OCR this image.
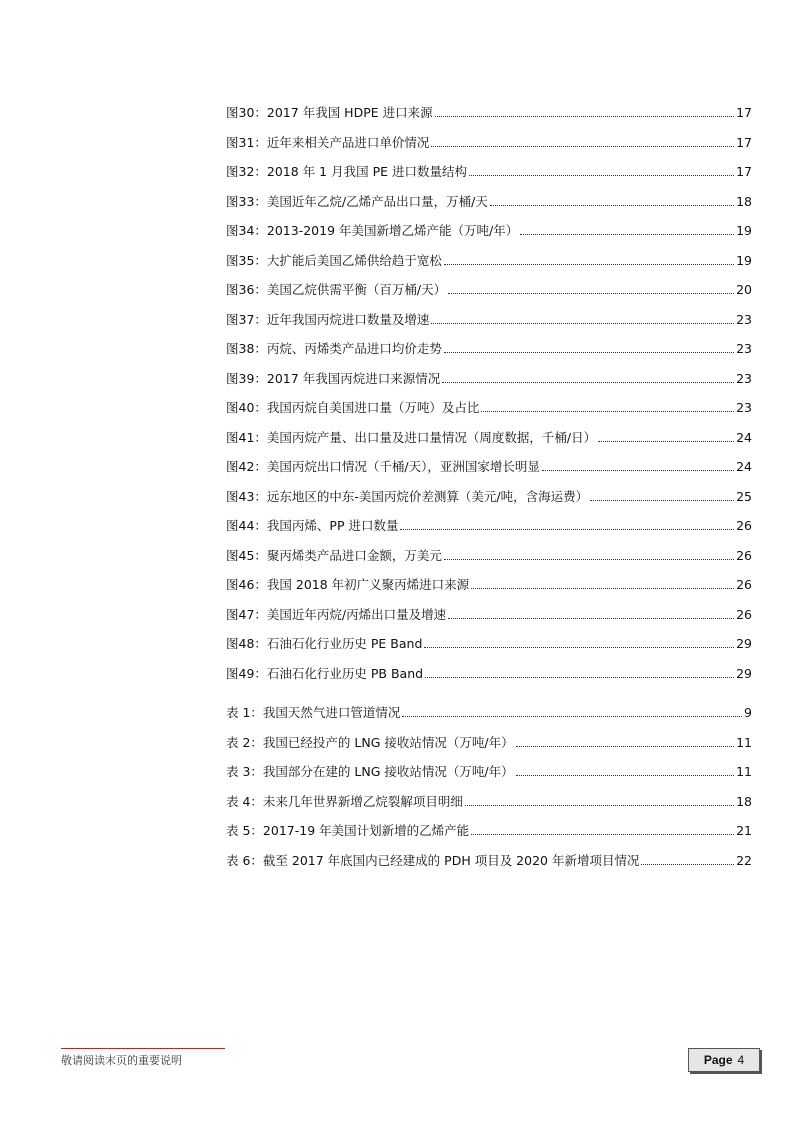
图30：2017 年我国 HDPE 进口来源	17
图31：近年来相关产品进口单价情况	17
图32：2018 年 1 月我国 PE 进口数量结构	17
图33：美国近年乙烷/乙烯产品出口量，万桶/天	18
图34：2013-2019 年美国新增乙烯产能（万吨/年）	19
图35：大扩能后美国乙烯供给趋于宽松	19
图36：美国乙烷供需平衡（百万桶/天）	20
图37：近年我国丙烷进口数量及增速	23
图38：丙烷、丙烯类产品进口均价走势	23
图39：2017 年我国丙烷进口来源情况	23
图40：我国丙烷自美国进口量（万吨）及占比	23
图41：美国丙烷产量、出口量及进口量情况（周度数据，千桶/日）	24
图42：美国丙烷出口情况（千桶/天），亚洲国家增长明显	24
图43：远东地区的中东-美国丙烷价差测算（美元/吨，含海运费）	25
图44：我国丙烯、PP 进口数量	26
图45：聚丙烯类产品进口金额，万美元	26
图46：我国 2018 年初广义聚丙烯进口来源	26
图47：美国近年丙烷/丙烯出口量及增速	26
图48：石油石化行业历史 PE Band	29
图49：石油石化行业历史 PB Band	29
表 1：我国天然气进口管道情况	9
表 2：我国已经投产的 LNG 接收站情况（万吨/年）	11
表 3：我国部分在建的 LNG 接收站情况（万吨/年）	11
表 4：未来几年世界新增乙烷裂解项目明细	18
表 5：2017-19 年美国计划新增的乙烯产能	21
表 6：截至 2017 年底国内已经建成的 PDH 项目及 2020 年新增项目情况	22
敬请阅读末页的重要说明	Page 4
